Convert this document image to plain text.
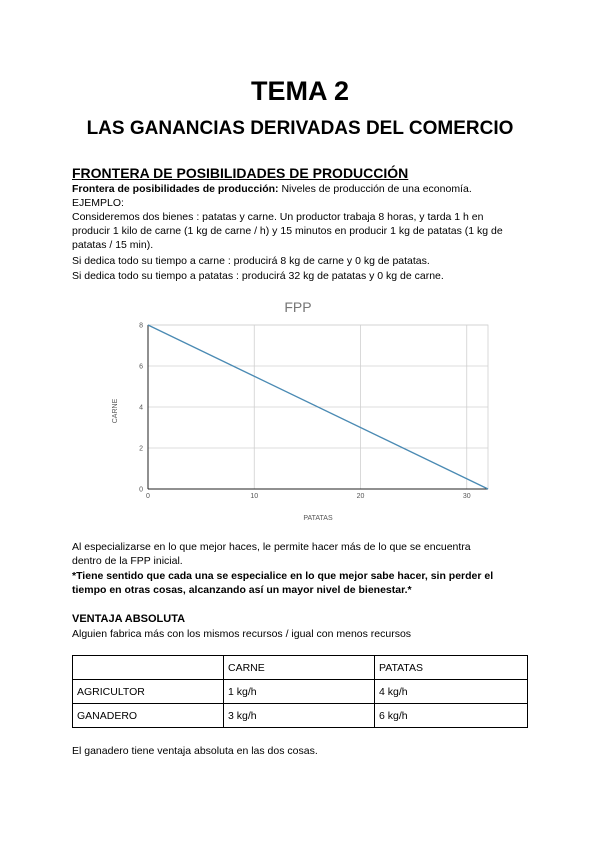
TEMA 2
LAS GANANCIAS DERIVADAS DEL COMERCIO
FRONTERA DE POSIBILIDADES DE PRODUCCIÓN
Frontera de posibilidades de producción: Niveles de producción de una economía.
EJEMPLO:
Consideremos dos bienes : patatas y carne. Un productor trabaja 8 horas, y tarda 1 h en
producir 1 kilo de carne (1 kg de carne / h) y 15 minutos en producir 1 kg de patatas (1 kg de
patatas / 15 min).
Si dedica todo su tiempo a carne : producirá 8 kg de carne y 0 kg de patatas.
Si dedica todo su tiempo a patatas : producirá 32 kg de patatas y 0 kg de carne.
FPP
0
2
4
6
8
0	10	20	30
PATATAS
CARNE
Al especializarse en lo que mejor haces, le permite hacer más de lo que se encuentra
dentro de la FPP inicial.
*Tiene sentido que cada una se especialice en lo que mejor sabe hacer, sin perder el
tiempo en otras cosas, alcanzando así un mayor nivel de bienestar.*
VENTAJA ABSOLUTA
Alguien fabrica más con los mismos recursos / igual con menos recursos
	CARNE	PATATAS
AGRICULTOR	1 kg/h	4 kg/h
GANADERO	3 kg/h	6 kg/h
El ganadero tiene ventaja absoluta en las dos cosas.
